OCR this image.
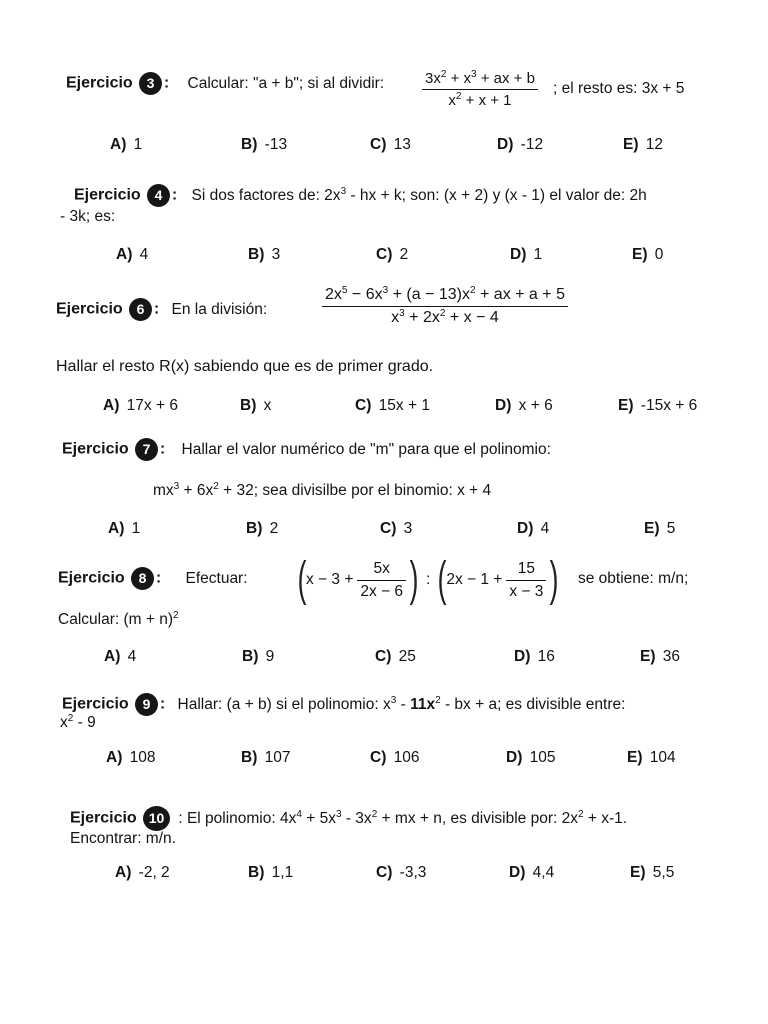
Ejercicio 3 : Calcular: "a + b"; si al dividir:	$\frac{3x^2 + x^3 + ax + b}{x^2 + x + 1}$ ; el resto es: 3x + 5
A) 1	B) -13	C) 13	D) -12	E) 12
Ejercicio 4 : Si dos factores de: $2x^3$ - hx + k; son: (x + 2) y (x - 1) el valor de: 2h
- 3k; es:
A) 4	B) 3	C) 2	D) 1	E) 0
Ejercicio 6 : En la división:	$\frac{2x^5 - 6x^3 + (a - 13)x^2 + ax + a + 5}{x^3 + 2x^2 + x - 4}$
Hallar el resto R(x) sabiendo que es de primer grado.
A) 17x + 6	B) x	C) 15x + 1	D) x + 6	E) -15x + 6
Ejercicio 7 : Hallar el valor numérico de "m" para que el polinomio:
$mx^3 + 6x^2 + 32$; sea divisilbe por el binomio: x + 4
A) 1	B) 2	C) 3	D) 4	E) 5
Ejercicio 8 : Efectuar: ( $x - 3 + \frac{5x}{2x - 6}$ ) : ( $2x - 1 + \frac{15}{x - 3}$ ) se obtiene: m/n;
Calcular: $(m + n)^2$
A) 4	B) 9	C) 25	D) 16	E) 36
Ejercicio 9 : Hallar: (a + b) si el polinomio: $x^3 - 11x^2$ - bx + a; es divisible entre:
$x^2 - 9$
A) 108	B) 107	C) 106	D) 105	E) 104
Ejercicio 10 : El polinomio: $4x^4 + 5x^3 - 3x^2$ + mx + n, es divisible por: $2x^2 + x-1$.
Encontrar: m/n.
A) -2, 2	B) 1,1	C) -3,3	D) 4,4	E) 5,5
